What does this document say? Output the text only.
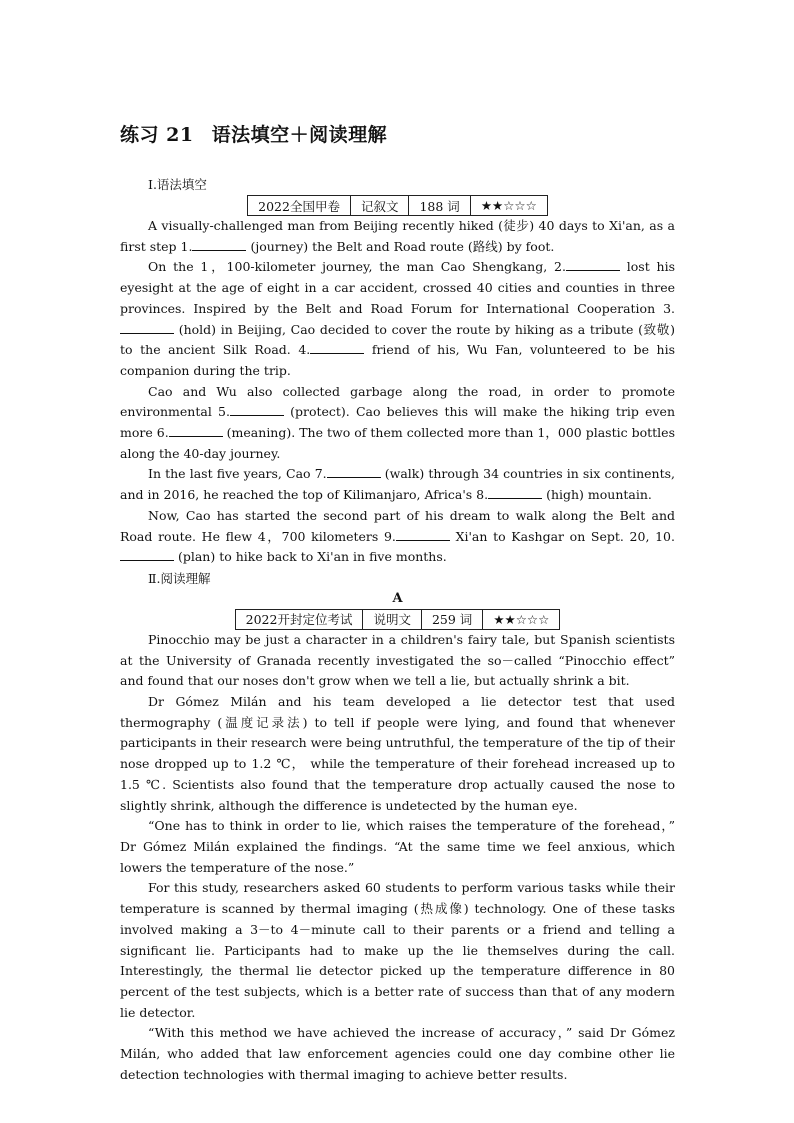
练习 21 语法填空＋阅读理解
Ⅰ.语法填空
2022全国甲卷	记叙文	188 词	★★☆☆☆

A visually-challenged man from Beijing recently hiked (徒步) 40 days to Xi'an, as a first step 1.	(journey) the Belt and Road route (路线) by foot.

On the 1，100-kilometer journey, the man Cao Shengkang, 2.	lost his eyesight at the age of eight in a car accident, crossed 40 cities and counties in three provinces. Inspired by the Belt and Road Forum for International Cooperation 3. (hold) in Beijing, Cao decided to cover the route by hiking as a tribute (致敬) to the ancient Silk Road. 4.	friend of his, Wu Fan, volunteered to be his companion during the trip.

Cao and Wu also collected garbage along the road, in order to promote environmental 5.	(protect). Cao believes this will make the hiking trip even more 6.	(meaning). The two of them collected more than 1，000 plastic bottles along the 40-day journey.

In the last five years, Cao 7.	(walk) through 34 countries in six continents, and in 2016, he reached the top of Kilimanjaro, Africa's 8.	(high) mountain.

Now, Cao has started the second part of his dream to walk along the Belt and Road route. He flew 4，700 kilometers 9.	Xi'an to Kashgar on Sept. 20, 10. (plan) to hike back to Xi'an in five months.

Ⅱ.阅读理解
A
2022开封定位考试	说明文	259 词	★★☆☆☆

Pinocchio may be just a character in a children's fairy tale, but Spanish scientists at the University of Granada recently investigated the so－called “Pinocchio effect” and found that our noses don't grow when we tell a lie, but actually shrink a bit.

Dr Gómez Milán and his team developed a lie detector test that used thermography (温度记录法) to tell if people were lying, and found that whenever participants in their research were being untruthful, the temperature of the tip of their nose dropped up to 1.2 ℃， while the temperature of their forehead increased up to 1.5 ℃. Scientists also found that the temperature drop actually caused the nose to slightly shrink, although the difference is undetected by the human eye.

“One has to think in order to lie, which raises the temperature of the forehead，” Dr Gómez Milán explained the findings. “At the same time we feel anxious, which lowers the temperature of the nose.”

For this study, researchers asked 60 students to perform various tasks while their temperature is scanned by thermal imaging (热成像) technology. One of these tasks involved making a 3－to 4－minute call to their parents or a friend and telling a significant lie. Participants had to make up the lie themselves during the call. Interestingly, the thermal lie detector picked up the temperature difference in 80 percent of the test subjects, which is a better rate of success than that of any modern lie detector.

“With this method we have achieved the increase of accuracy，” said Dr Gómez Milán, who added that law enforcement agencies could one day combine other lie detection technologies with thermal imaging to achieve better results.
